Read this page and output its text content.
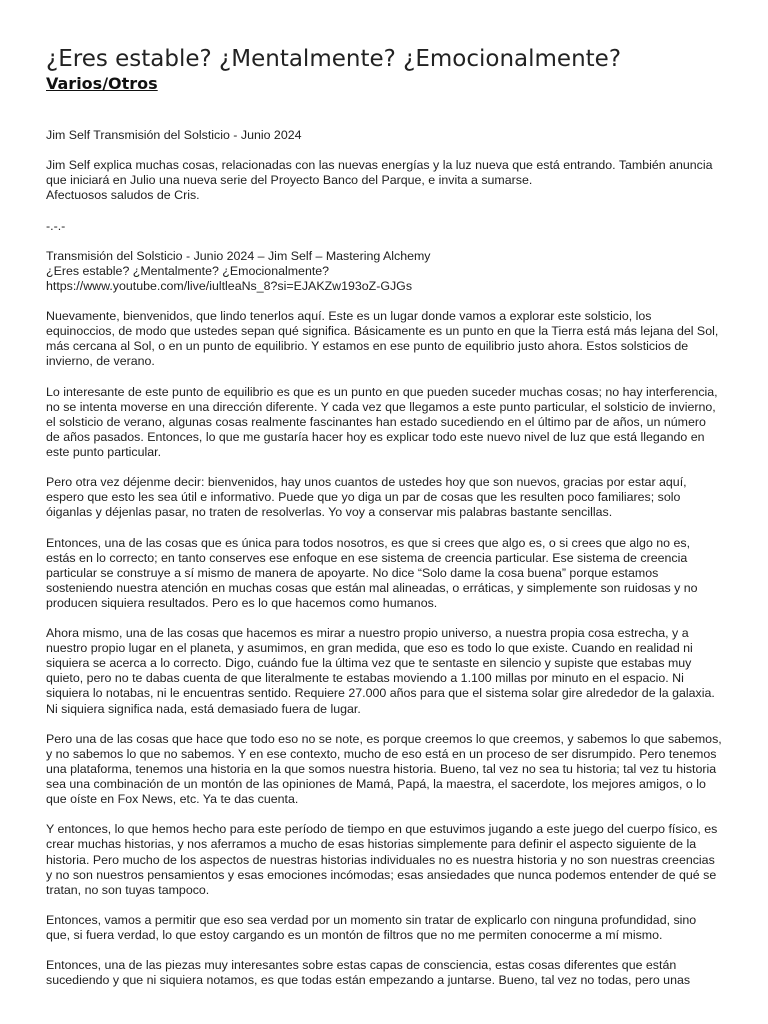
¿Eres estable? ¿Mentalmente? ¿Emocionalmente?
Varios/Otros

Jim Self Transmisión del Solsticio - Junio 2024

Jim Self explica muchas cosas, relacionadas con las nuevas energías y la luz nueva que está entrando. También anuncia que iniciará en Julio una nueva serie del Proyecto Banco del Parque, e invita a sumarse.
Afectuosos saludos de Cris.

-.-.-

Transmisión del Solsticio - Junio 2024 – Jim Self – Mastering Alchemy
¿Eres estable? ¿Mentalmente? ¿Emocionalmente?
https://www.youtube.com/live/iultleaNs_8?si=EJAKZw193oZ-GJGs

Nuevamente, bienvenidos, que lindo tenerlos aquí. Este es un lugar donde vamos a explorar este solsticio, los equinoccios, de modo que ustedes sepan qué significa. Básicamente es un punto en que la Tierra está más lejana del Sol, más cercana al Sol, o en un punto de equilibrio. Y estamos en ese punto de equilibrio justo ahora. Estos solsticios de invierno, de verano.

Lo interesante de este punto de equilibrio es que es un punto en que pueden suceder muchas cosas; no hay interferencia, no se intenta moverse en una dirección diferente. Y cada vez que llegamos a este punto particular, el solsticio de invierno, el solsticio de verano, algunas cosas realmente fascinantes han estado sucediendo en el último par de años, un número de años pasados. Entonces, lo que me gustaría hacer hoy es explicar todo este nuevo nivel de luz que está llegando en este punto particular.

Pero otra vez déjenme decir: bienvenidos, hay unos cuantos de ustedes hoy que son nuevos, gracias por estar aquí, espero que esto les sea útil e informativo. Puede que yo diga un par de cosas que les resulten poco familiares; solo óiganlas y déjenlas pasar, no traten de resolverlas. Yo voy a conservar mis palabras bastante sencillas.

Entonces, una de las cosas que es única para todos nosotros, es que si crees que algo es, o si crees que algo no es, estás en lo correcto; en tanto conserves ese enfoque en ese sistema de creencia particular. Ese sistema de creencia particular se construye a sí mismo de manera de apoyarte. No dice “Solo dame la cosa buena” porque estamos sosteniendo nuestra atención en muchas cosas que están mal alineadas, o erráticas, y simplemente son ruidosas y no producen siquiera resultados. Pero es lo que hacemos como humanos.

Ahora mismo, una de las cosas que hacemos es mirar a nuestro propio universo, a nuestra propia cosa estrecha, y a nuestro propio lugar en el planeta, y asumimos, en gran medida, que eso es todo lo que existe. Cuando en realidad ni siquiera se acerca a lo correcto. Digo, cuándo fue la última vez que te sentaste en silencio y supiste que estabas muy quieto, pero no te dabas cuenta de que literalmente te estabas moviendo a 1.100 millas por minuto en el espacio. Ni siquiera lo notabas, ni le encuentras sentido. Requiere 27.000 años para que el sistema solar gire alrededor de la galaxia. Ni siquiera significa nada, está demasiado fuera de lugar.

Pero una de las cosas que hace que todo eso no se note, es porque creemos lo que creemos, y sabemos lo que sabemos, y no sabemos lo que no sabemos. Y en ese contexto, mucho de eso está en un proceso de ser disrumpido. Pero tenemos una plataforma, tenemos una historia en la que somos nuestra historia. Bueno, tal vez no sea tu historia; tal vez tu historia sea una combinación de un montón de las opiniones de Mamá, Papá, la maestra, el sacerdote, los mejores amigos, o lo que oíste en Fox News, etc. Ya te das cuenta.

Y entonces, lo que hemos hecho para este período de tiempo en que estuvimos jugando a este juego del cuerpo físico, es crear muchas historias, y nos aferramos a mucho de esas historias simplemente para definir el aspecto siguiente de la historia. Pero mucho de los aspectos de nuestras historias individuales no es nuestra historia y no son nuestras creencias y no son nuestros pensamientos y esas emociones incómodas; esas ansiedades que nunca podemos entender de qué se tratan, no son tuyas tampoco.

Entonces, vamos a permitir que eso sea verdad por un momento sin tratar de explicarlo con ninguna profundidad, sino que, si fuera verdad, lo que estoy cargando es un montón de filtros que no me permiten conocerme a mí mismo.

Entonces, una de las piezas muy interesantes sobre estas capas de consciencia, estas cosas diferentes que están sucediendo y que ni siquiera notamos, es que todas están empezando a juntarse. Bueno, tal vez no todas, pero unas
